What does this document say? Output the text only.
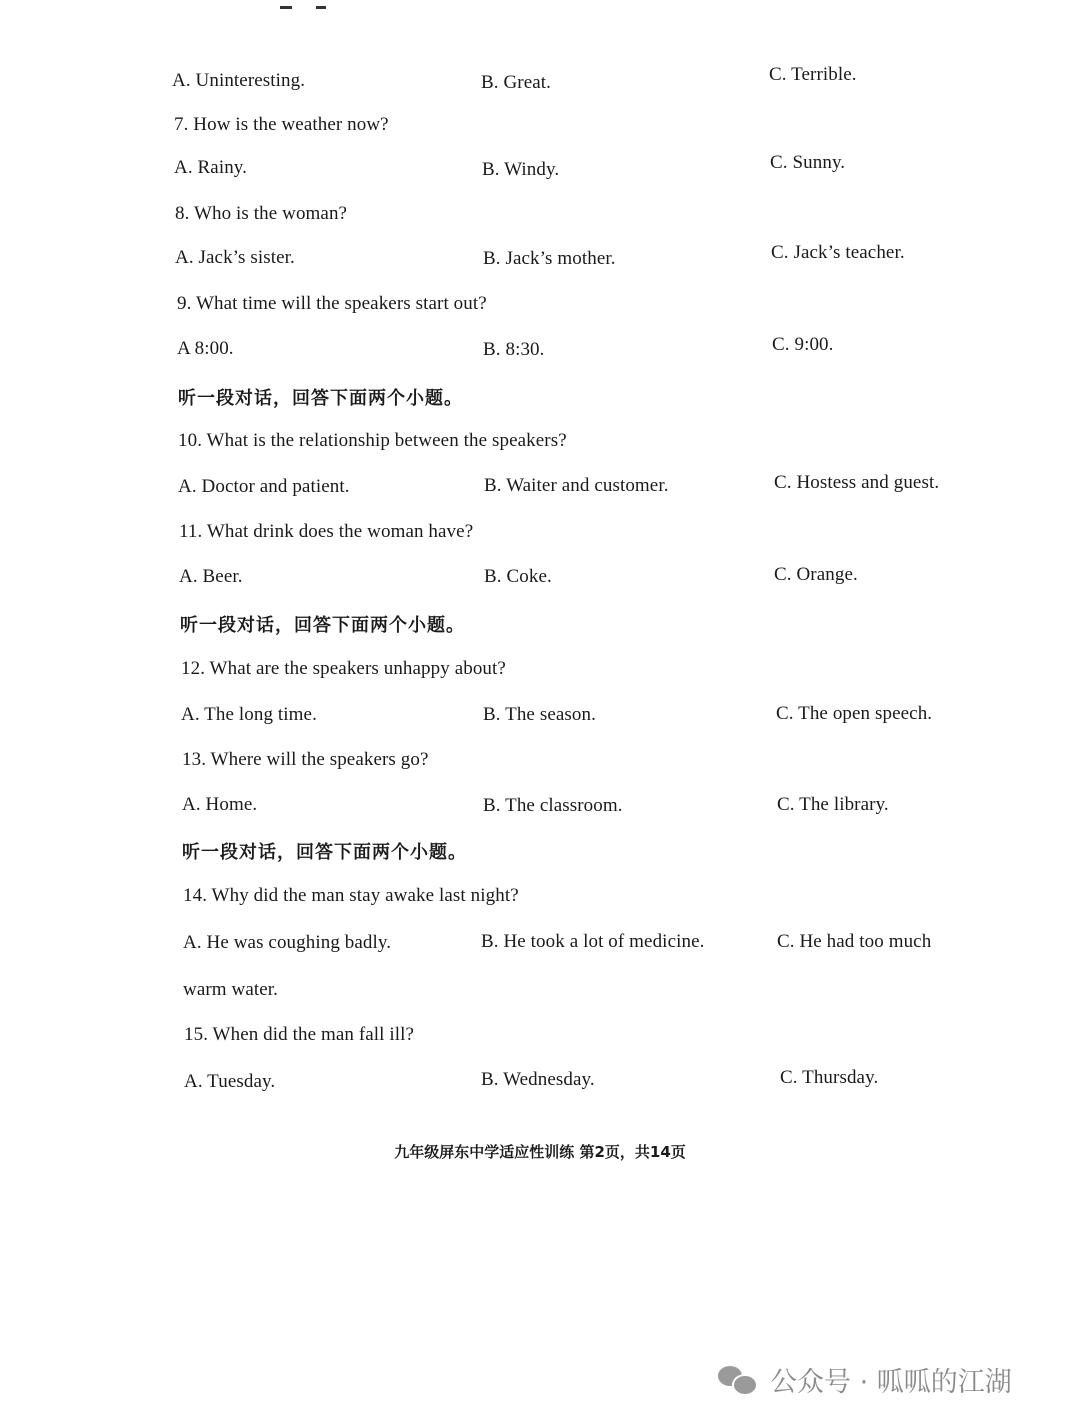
A. Uninteresting.	B. Great.	C. Terrible.
7. How is the weather now?
A. Rainy.	B. Windy.	C. Sunny.
8. Who is the woman?
A. Jack’s sister.	B. Jack’s mother.	C. Jack’s teacher.
9. What time will the speakers start out?
A 8:00.	B. 8:30.	C. 9:00.
听一段对话，回答下面两个小题。
10. What is the relationship between the speakers?
A. Doctor and patient.	B. Waiter and customer.	C. Hostess and guest.
11. What drink does the woman have?
A. Beer.	B. Coke.	C. Orange.
听一段对话，回答下面两个小题。
12. What are the speakers unhappy about?
A. The long time.	B. The season.	C. The open speech.
13. Where will the speakers go?
A. Home.	B. The classroom.	C. The library.
听一段对话，回答下面两个小题。
14. Why did the man stay awake last night?
A. He was coughing badly.	B. He took a lot of medicine.	C. He had too much
warm water.
15. When did the man fall ill?
A. Tuesday.	B. Wednesday.	C. Thursday.
九年级屏东中学适应性训练 第2页，共14页
公众号 · 呱呱的江湖
